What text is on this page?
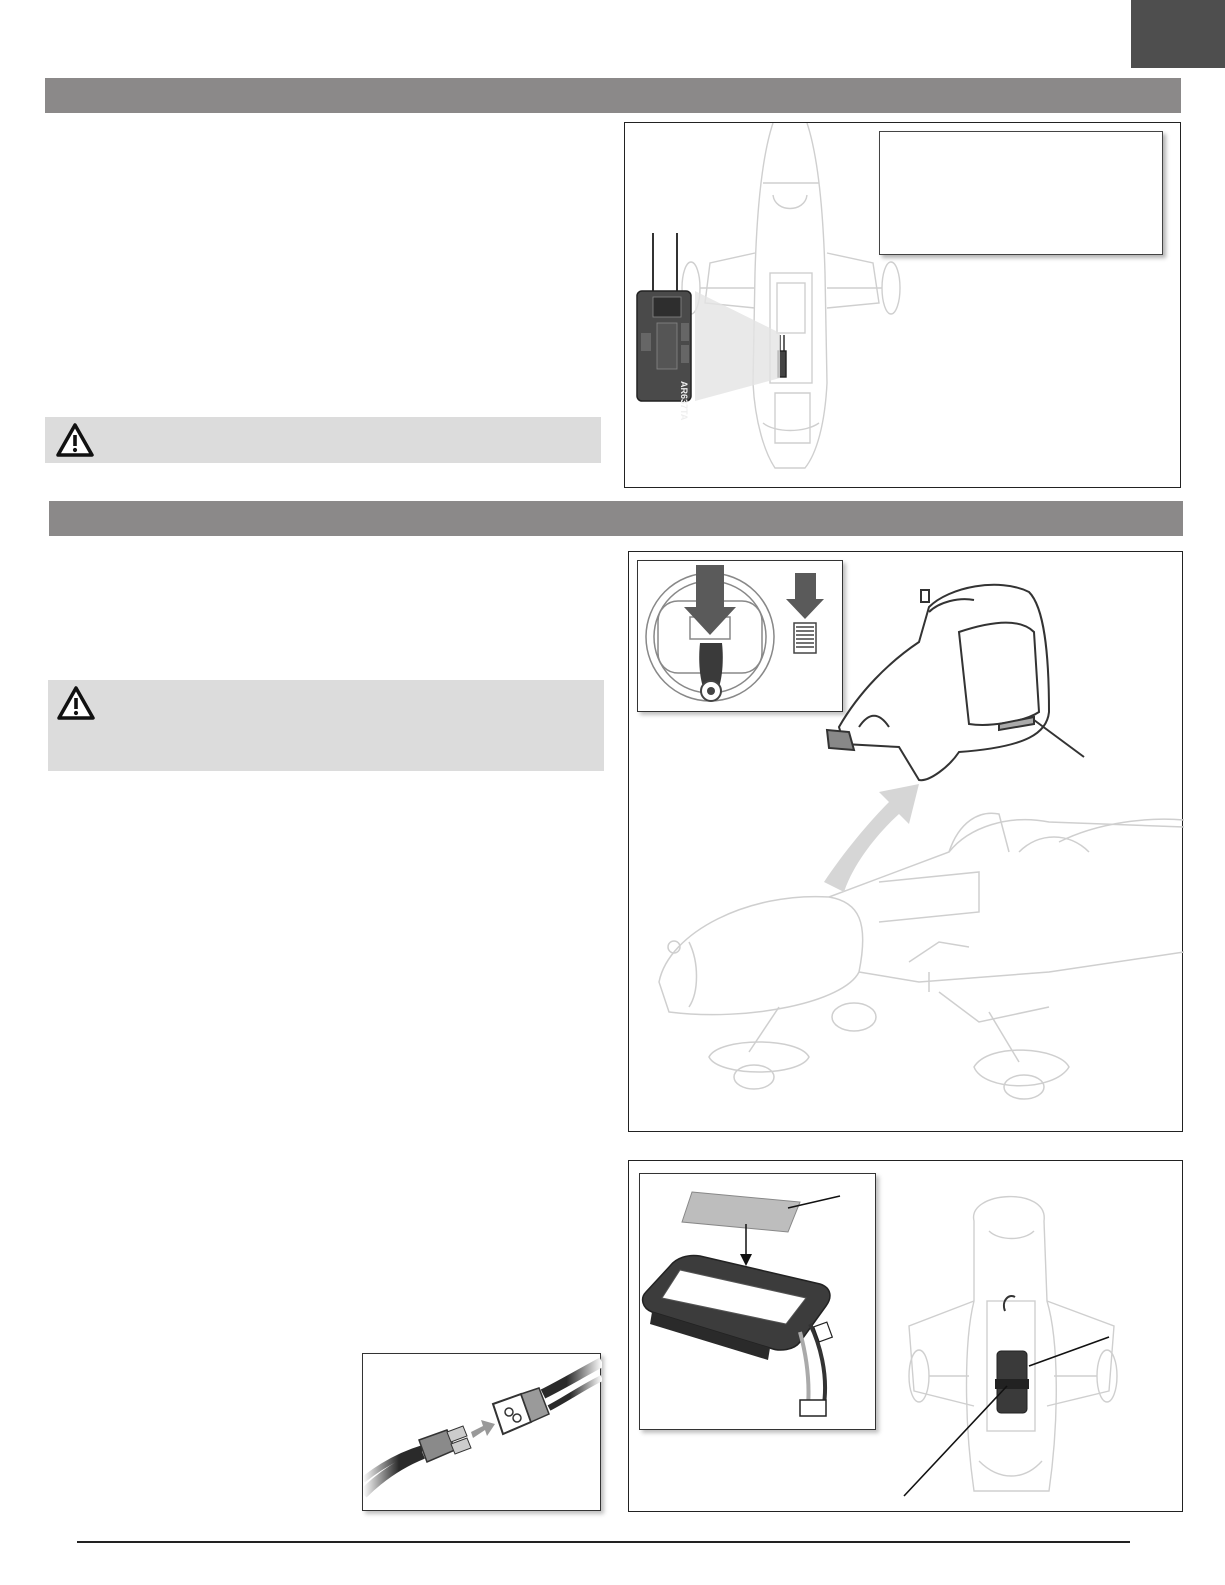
AR637TA
